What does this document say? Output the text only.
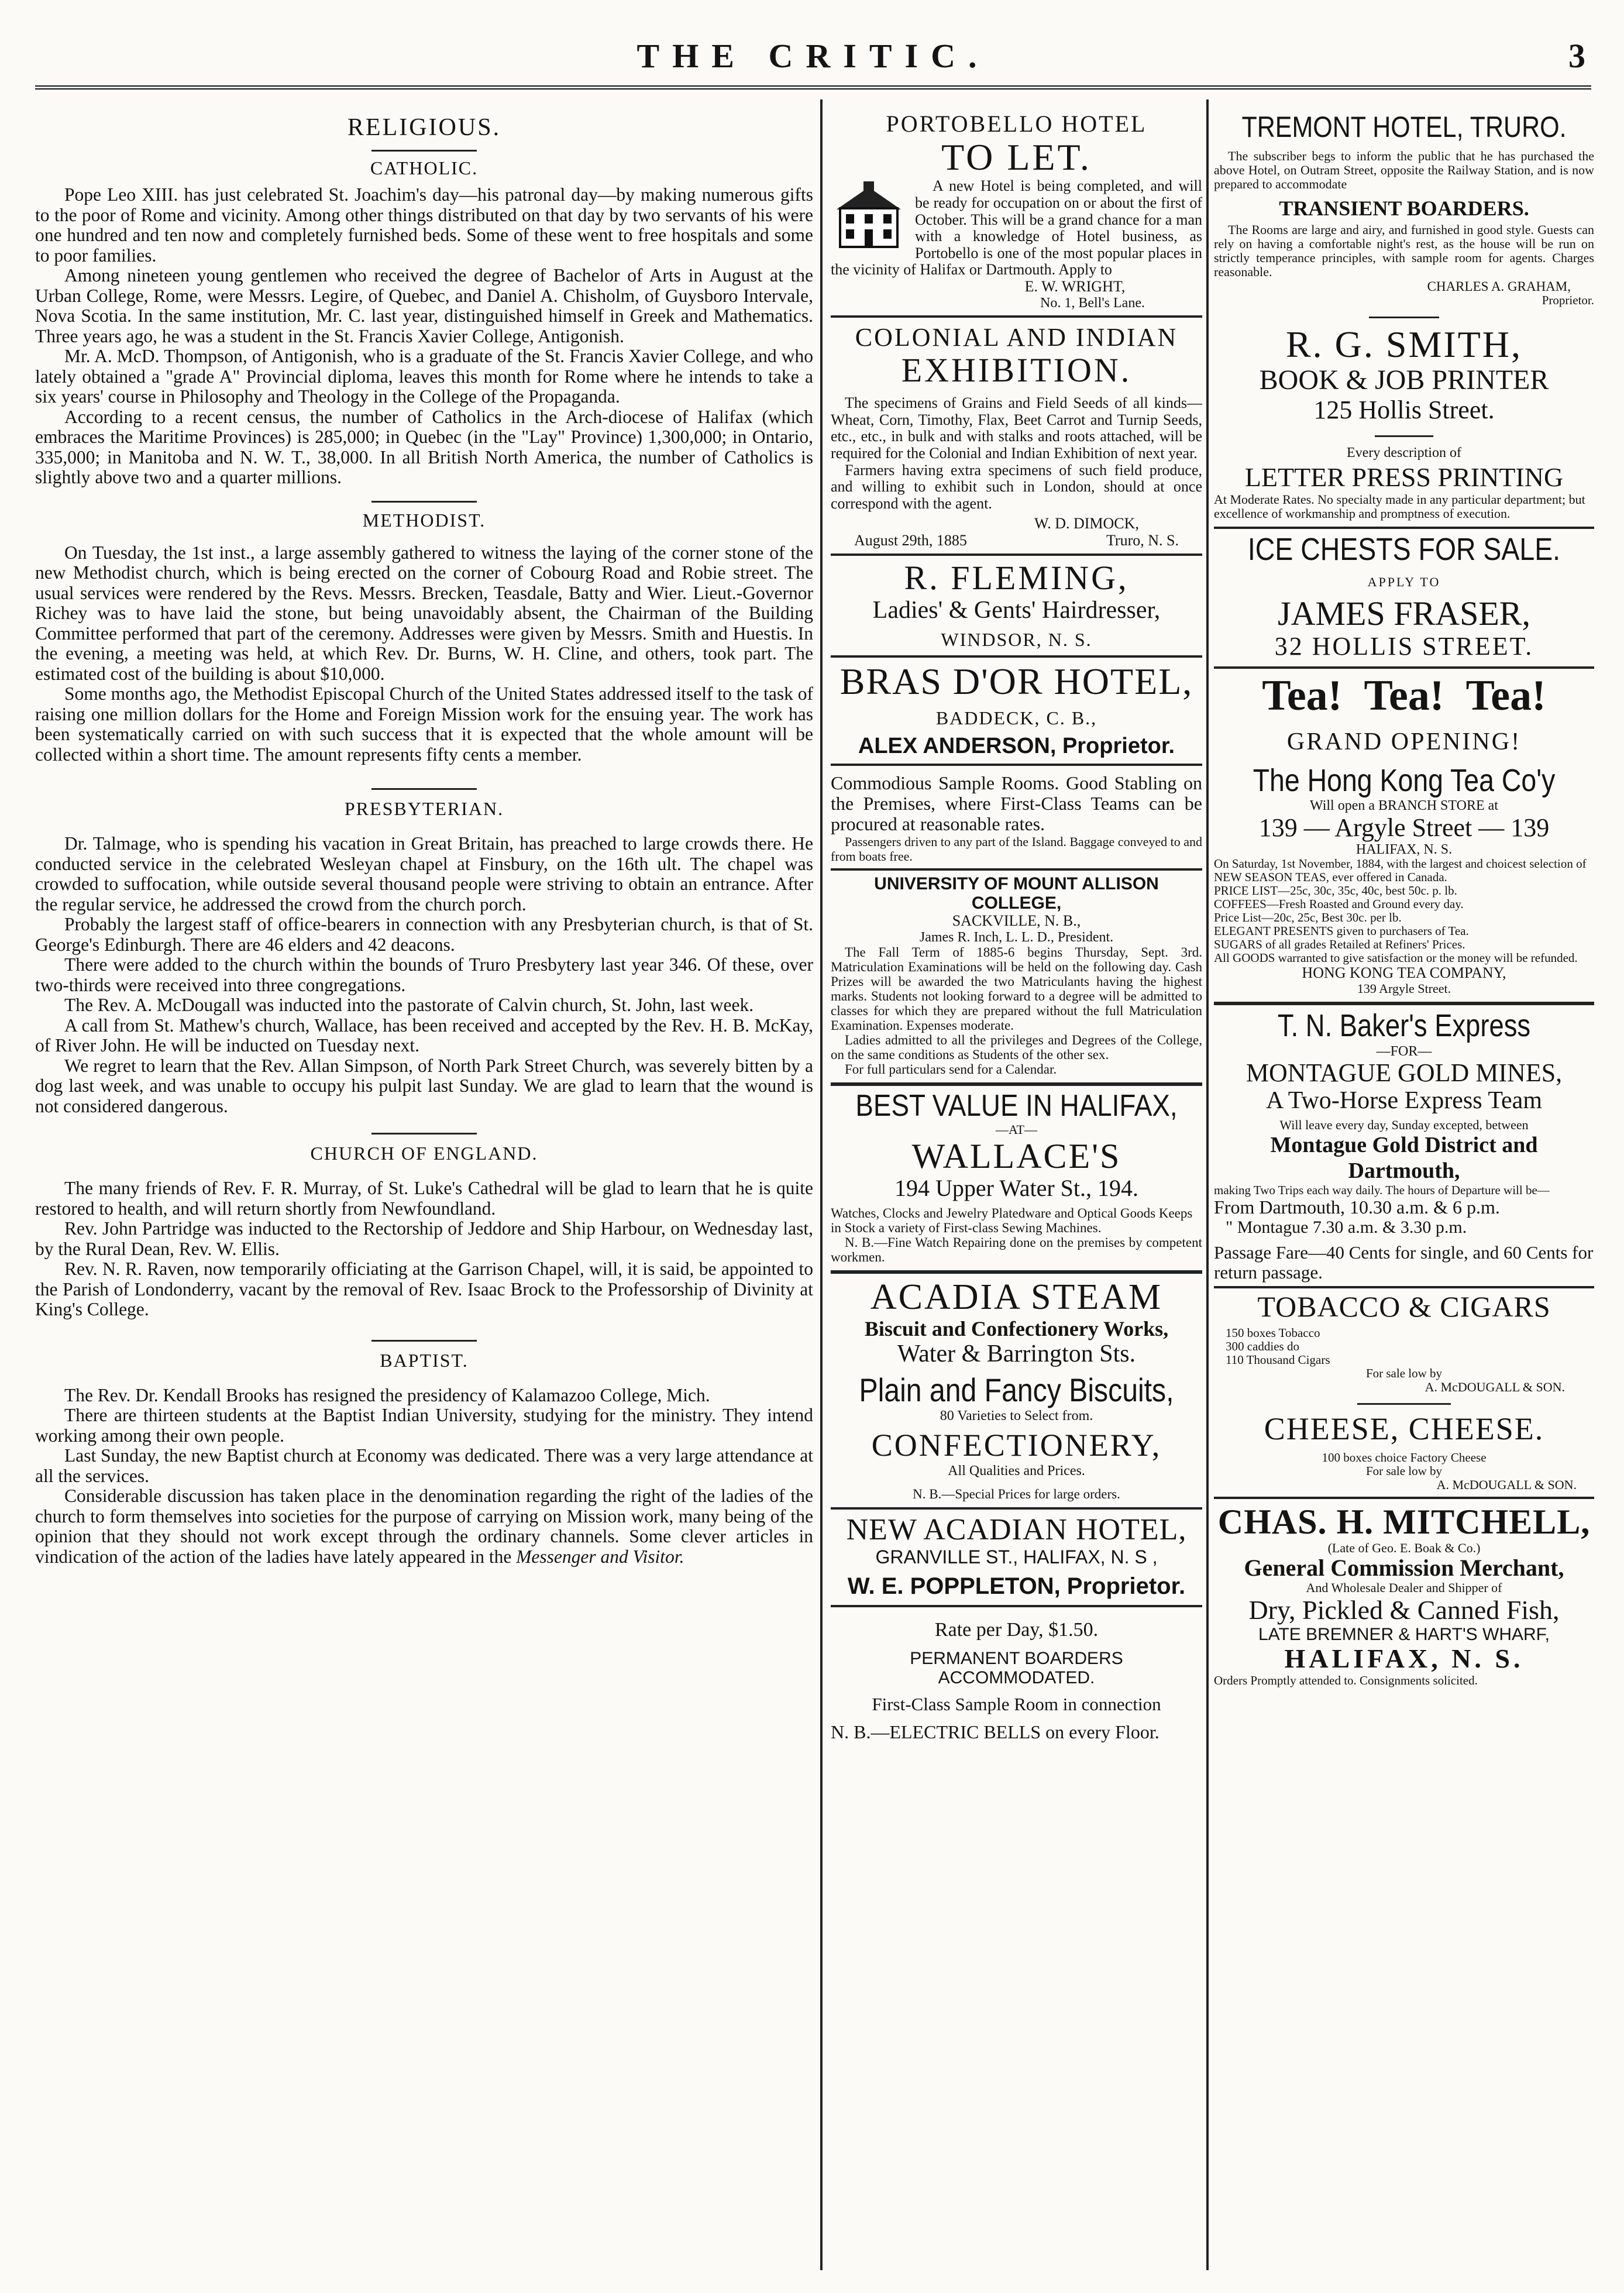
THE CRITIC.	3
RELIGIOUS.
CATHOLIC.

Pope Leo XIII. has just celebrated St. Joachim's day—his patronal day—by making numerous gifts to the poor of Rome and vicinity. Among other things distributed on that day by two servants of his were one hundred and ten now and completely furnished beds. Some of these went to free hospitals and some to poor families.

Among nineteen young gentlemen who received the degree of Bachelor of Arts in August at the Urban College, Rome, were Messrs. Legire, of Quebec, and Daniel A. Chisholm, of Guysboro Intervale, Nova Scotia. In the same institution, Mr. C. last year, distinguished himself in Greek and Mathematics. Three years ago, he was a student in the St. Francis Xavier College, Antigonish.

Mr. A. McD. Thompson, of Antigonish, who is a graduate of the St. Francis Xavier College, and who lately obtained a "grade A" Provincial diploma, leaves this month for Rome where he intends to take a six years' course in Philosophy and Theology in the College of the Propaganda.

According to a recent census, the number of Catholics in the Arch-diocese of Halifax (which embraces the Maritime Provinces) is 285,000; in Quebec (in the "Lay" Province) 1,300,000; in Ontario, 335,000; in Manitoba and N. W. T., 38,000. In all British North America, the number of Catholics is slightly above two and a quarter millions.

METHODIST.

On Tuesday, the 1st inst., a large assembly gathered to witness the laying of the corner stone of the new Methodist church, which is being erected on the corner of Cobourg Road and Robie street. The usual services were rendered by the Revs. Messrs. Brecken, Teasdale, Batty and Wier. Lieut.-Governor Richey was to have laid the stone, but being unavoidably absent, the Chairman of the Building Committee performed that part of the ceremony. Addresses were given by Messrs. Smith and Huestis. In the evening, a meeting was held, at which Rev. Dr. Burns, W. H. Cline, and others, took part. The estimated cost of the building is about $10,000.

Some months ago, the Methodist Episcopal Church of the United States addressed itself to the task of raising one million dollars for the Home and Foreign Mission work for the ensuing year. The work has been systematically carried on with such success that it is expected that the whole amount will be collected within a short time. The amount represents fifty cents a member.

PRESBYTERIAN.

Dr. Talmage, who is spending his vacation in Great Britain, has preached to large crowds there. He conducted service in the celebrated Wesleyan chapel at Finsbury, on the 16th ult. The chapel was crowded to suffocation, while outside several thousand people were striving to obtain an entrance. After the regular service, he addressed the crowd from the church porch.

Probably the largest staff of office-bearers in connection with any Presbyterian church, is that of St. George's Edinburgh. There are 46 elders and 42 deacons.

There were added to the church within the bounds of Truro Presbytery last year 346. Of these, over two-thirds were received into three congregations.

The Rev. A. McDougall was inducted into the pastorate of Calvin church, St. John, last week.

A call from St. Mathew's church, Wallace, has been received and accepted by the Rev. H. B. McKay, of River John. He will be inducted on Tuesday next.

We regret to learn that the Rev. Allan Simpson, of North Park Street Church, was severely bitten by a dog last week, and was unable to occupy his pulpit last Sunday. We are glad to learn that the wound is not considered dangerous.

CHURCH OF ENGLAND.

The many friends of Rev. F. R. Murray, of St. Luke's Cathedral will be glad to learn that he is quite restored to health, and will return shortly from Newfoundland.

Rev. John Partridge was inducted to the Rectorship of Jeddore and Ship Harbour, on Wednesday last, by the Rural Dean, Rev. W. Ellis.

Rev. N. R. Raven, now temporarily officiating at the Garrison Chapel, will, it is said, be appointed to the Parish of Londonderry, vacant by the removal of Rev. Isaac Brock to the Professorship of Divinity at King's College.

BAPTIST.

The Rev. Dr. Kendall Brooks has resigned the presidency of Kalamazoo College, Mich.

There are thirteen students at the Baptist Indian University, studying for the ministry. They intend working among their own people.

Last Sunday, the new Baptist church at Economy was dedicated. There was a very large attendance at all the services.

Considerable discussion has taken place in the denomination regarding the right of the ladies of the church to form themselves into societies for the purpose of carrying on Mission work, many being of the opinion that they should not work except through the ordinary channels. Some clever articles in vindication of the action of the ladies have lately appeared in the Messenger and Visitor.

PORTOBELLO HOTEL
TO LET.
A new Hotel is being completed, and will be ready for occupation on or about the first of October. This will be a grand chance for a man with a knowledge of Hotel business, as Portobello is one of the most popular places in the vicinity of Halifax or Dartmouth. Apply to
E. W. WRIGHT,
No. 1, Bell's Lane.
COLONIAL AND INDIAN
EXHIBITION.
The specimens of Grains and Field Seeds of all kinds—Wheat, Corn, Timothy, Flax, Beet Carrot and Turnip Seeds, etc., etc., in bulk and with stalks and roots attached, will be required for the Colonial and Indian Exhibition of next year.
Farmers having extra specimens of such field produce, and willing to exhibit such in London, should at once correspond with the agent.
W. D. DIMOCK,
August 29th, 1885	Truro, N. S.
R. FLEMING,
Ladies' & Gents' Hairdresser,
WINDSOR, N. S.
BRAS D'OR HOTEL,
BADDECK, C. B.,
ALEX ANDERSON, Proprietor.
Commodious Sample Rooms. Good Stabling on the Premises, where First-Class Teams can be procured at reasonable rates.
Passengers driven to any part of the Island. Baggage conveyed to and from boats free.
UNIVERSITY OF MOUNT ALLISON COLLEGE,
SACKVILLE, N. B.,
James R. Inch, L. L. D., President.
The Fall Term of 1885-6 begins Thursday, Sept. 3rd. Matriculation Examinations will be held on the following day. Cash Prizes will be awarded the two Matriculants having the highest marks. Students not looking forward to a degree will be admitted to classes for which they are prepared without the full Matriculation Examination. Expenses moderate.
Ladies admitted to all the privileges and Degrees of the College, on the same conditions as Students of the other sex.
For full particulars send for a Calendar.
BEST VALUE IN HALIFAX,
—AT—
WALLACE'S
194 Upper Water St., 194.
Watches, Clocks and Jewelry Platedware and Optical Goods Keeps in Stock a variety of First-class Sewing Machines.
N. B.—Fine Watch Repairing done on the premises by competent workmen.
ACADIA STEAM
Biscuit and Confectionery Works,
Water & Barrington Sts.
Plain and Fancy Biscuits,
80 Varieties to Select from.
CONFECTIONERY,
All Qualities and Prices.
N. B.—Special Prices for large orders.
NEW ACADIAN HOTEL,
GRANVILLE ST., HALIFAX, N. S ,
W. E. POPPLETON, Proprietor.
Rate per Day, $1.50.
PERMANENT BOARDERS ACCOMMODATED.
First-Class Sample Room in connection
N. B.—ELECTRIC BELLS on every Floor.
TREMONT HOTEL, TRURO.
The subscriber begs to inform the public that he has purchased the above Hotel, on Outram Street, opposite the Railway Station, and is now prepared to accommodate
TRANSIENT BOARDERS.
The Rooms are large and airy, and furnished in good style. Guests can rely on having a comfortable night's rest, as the house will be run on strictly temperance principles, with sample room for agents. Charges reasonable.
CHARLES A. GRAHAM,
Proprietor.
R. G. SMITH,
BOOK & JOB PRINTER
125 Hollis Street.
Every description of
LETTER PRESS PRINTING
At Moderate Rates. No specialty made in any particular department; but excellence of workmanship and promptness of execution.
ICE CHESTS FOR SALE.
APPLY TO
JAMES FRASER,
32 HOLLIS STREET.
Tea! Tea! Tea!
GRAND OPENING!
The Hong Kong Tea Co'y
Will open a BRANCH STORE at
139 — Argyle Street — 139
HALIFAX, N. S.
On Saturday, 1st November, 1884, with the largest and choicest selection of NEW SEASON TEAS, ever offered in Canada.
PRICE LIST—25c, 30c, 35c, 40c, best 50c. p. lb.
COFFEES—Fresh Roasted and Ground every day.
Price List—20c, 25c, Best 30c. per lb.
ELEGANT PRESENTS given to purchasers of Tea.
SUGARS of all grades Retailed at Refiners' Prices.
All GOODS warranted to give satisfaction or the money will be refunded.
HONG KONG TEA COMPANY,
139 Argyle Street.
T. N. Baker's Express
—FOR—
MONTAGUE GOLD MINES,
A Two-Horse Express Team
Will leave every day, Sunday excepted, between
Montague Gold District and Dartmouth,
making Two Trips each way daily. The hours of Departure will be—
From Dartmouth, 10.30 a.m. & 6 p.m.
" Montague 7.30 a.m. & 3.30 p.m.
Passage Fare—40 Cents for single, and 60 Cents for return passage.
TOBACCO & CIGARS
150 boxes Tobacco
300 caddies do
110 Thousand Cigars
For sale low by
A. McDOUGALL & SON.
CHEESE, CHEESE.
100 boxes choice Factory Cheese
For sale low by
A. McDOUGALL & SON.
CHAS. H. MITCHELL,
(Late of Geo. E. Boak & Co.)
General Commission Merchant,
And Wholesale Dealer and Shipper of
Dry, Pickled & Canned Fish,
LATE BREMNER & HART'S WHARF,
HALIFAX, N. S.
Orders Promptly attended to. Consignments solicited.
